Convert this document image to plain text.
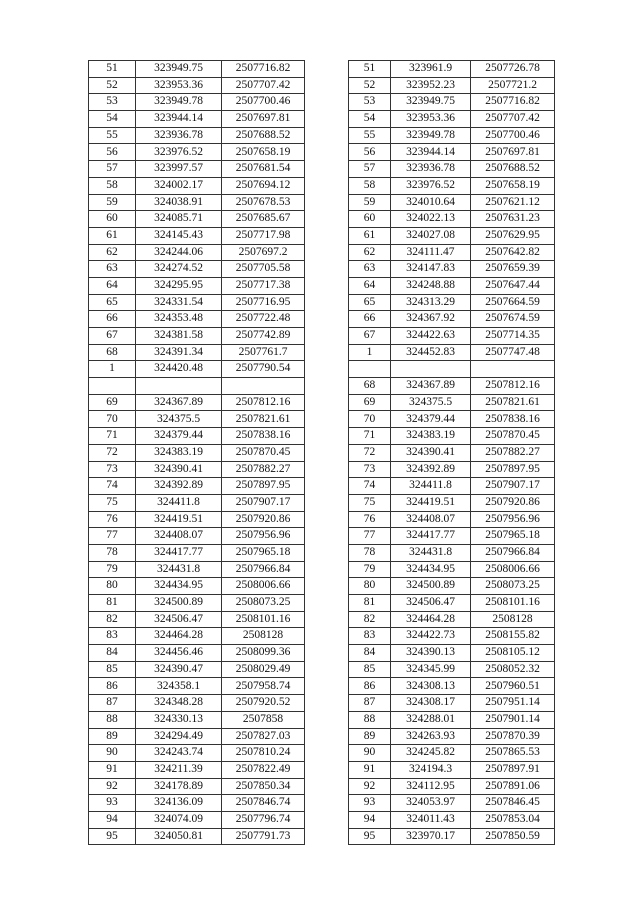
51	323949.75	2507716.82
52	323953.36	2507707.42
53	323949.78	2507700.46
54	323944.14	2507697.81
55	323936.78	2507688.52
56	323976.52	2507658.19
57	323997.57	2507681.54
58	324002.17	2507694.12
59	324038.91	2507678.53
60	324085.71	2507685.67
61	324145.43	2507717.98
62	324244.06	2507697.2
63	324274.52	2507705.58
64	324295.95	2507717.38
65	324331.54	2507716.95
66	324353.48	2507722.48
67	324381.58	2507742.89
68	324391.34	2507761.7
1	324420.48	2507790.54

69	324367.89	2507812.16
70	324375.5	2507821.61
71	324379.44	2507838.16
72	324383.19	2507870.45
73	324390.41	2507882.27
74	324392.89	2507897.95
75	324411.8	2507907.17
76	324419.51	2507920.86
77	324408.07	2507956.96
78	324417.77	2507965.18
79	324431.8	2507966.84
80	324434.95	2508006.66
81	324500.89	2508073.25
82	324506.47	2508101.16
83	324464.28	2508128
84	324456.46	2508099.36
85	324390.47	2508029.49
86	324358.1	2507958.74
87	324348.28	2507920.52
88	324330.13	2507858
89	324294.49	2507827.03
90	324243.74	2507810.24
91	324211.39	2507822.49
92	324178.89	2507850.34
93	324136.09	2507846.74
94	324074.09	2507796.74
95	324050.81	2507791.73
51	323961.9	2507726.78
52	323952.23	2507721.2
53	323949.75	2507716.82
54	323953.36	2507707.42
55	323949.78	2507700.46
56	323944.14	2507697.81
57	323936.78	2507688.52
58	323976.52	2507658.19
59	324010.64	2507621.12
60	324022.13	2507631.23
61	324027.08	2507629.95
62	324111.47	2507642.82
63	324147.83	2507659.39
64	324248.88	2507647.44
65	324313.29	2507664.59
66	324367.92	2507674.59
67	324422.63	2507714.35
1	324452.83	2507747.48

68	324367.89	2507812.16
69	324375.5	2507821.61
70	324379.44	2507838.16
71	324383.19	2507870.45
72	324390.41	2507882.27
73	324392.89	2507897.95
74	324411.8	2507907.17
75	324419.51	2507920.86
76	324408.07	2507956.96
77	324417.77	2507965.18
78	324431.8	2507966.84
79	324434.95	2508006.66
80	324500.89	2508073.25
81	324506.47	2508101.16
82	324464.28	2508128
83	324422.73	2508155.82
84	324390.13	2508105.12
85	324345.99	2508052.32
86	324308.13	2507960.51
87	324308.17	2507951.14
88	324288.01	2507901.14
89	324263.93	2507870.39
90	324245.82	2507865.53
91	324194.3	2507897.91
92	324112.95	2507891.06
93	324053.97	2507846.45
94	324011.43	2507853.04
95	323970.17	2507850.59
